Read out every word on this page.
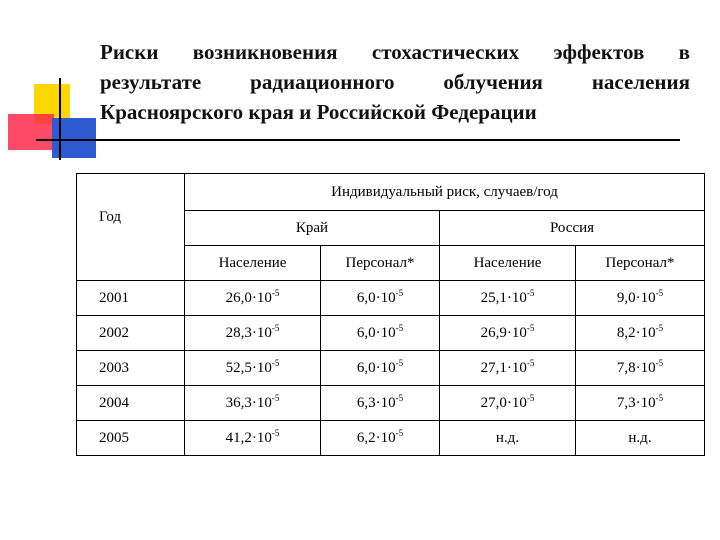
Риски возникновения стохастических эффектов в
результате радиационного облучения населения
Красноярского края и Российской Федерации
Год	Индивидуальный риск, случаев/год			
	Край		Россия	
	Население	Персонал*	Население	Персонал*
2001	$26,0\cdot 10^{-5}$	$6,0\cdot 10^{-5}$	$25,1\cdot 10^{-5}$	$9,0\cdot 10^{-5}$
2002	$28,3\cdot 10^{-5}$	$6,0\cdot 10^{-5}$	$26,9\cdot 10^{-5}$	$8,2\cdot 10^{-5}$
2003	$52,5\cdot 10^{-5}$	$6,0\cdot 10^{-5}$	$27,1\cdot 10^{-5}$	$7,8\cdot 10^{-5}$
2004	$36,3\cdot 10^{-5}$	$6,3\cdot 10^{-5}$	$27,0\cdot 10^{-5}$	$7,3\cdot 10^{-5}$
2005	$41,2\cdot 10^{-5}$	$6,2\cdot 10^{-5}$	н.д.	н.д.
